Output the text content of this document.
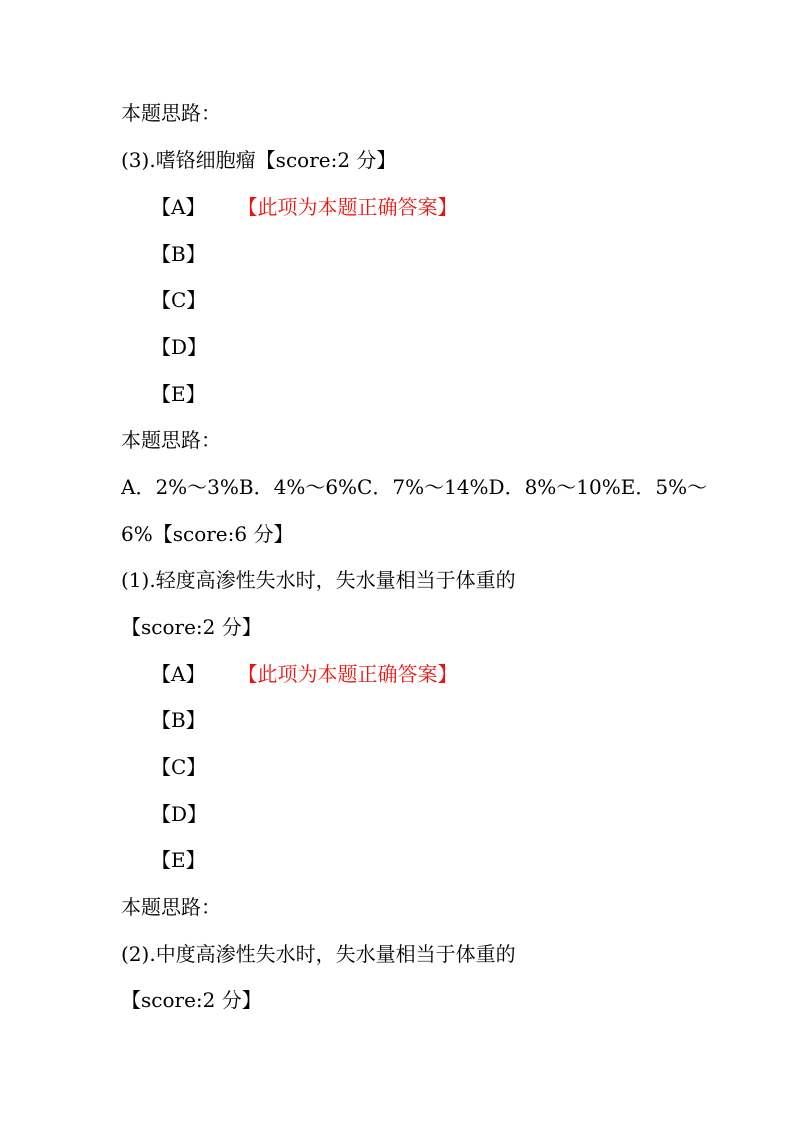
本题思路：
(3).嗜铬细胞瘤【score:2 分】
【A】 【此项为本题正确答案】
【B】
【C】
【D】
【E】
本题思路：
A．2%～3%B．4%～6%C．7%～14%D．8%～10%E．5%～
6%【score:6 分】
(1).轻度高渗性失水时，失水量相当于体重的
【score:2 分】
【A】 【此项为本题正确答案】
【B】
【C】
【D】
【E】
本题思路：
(2).中度高渗性失水时，失水量相当于体重的
【score:2 分】
